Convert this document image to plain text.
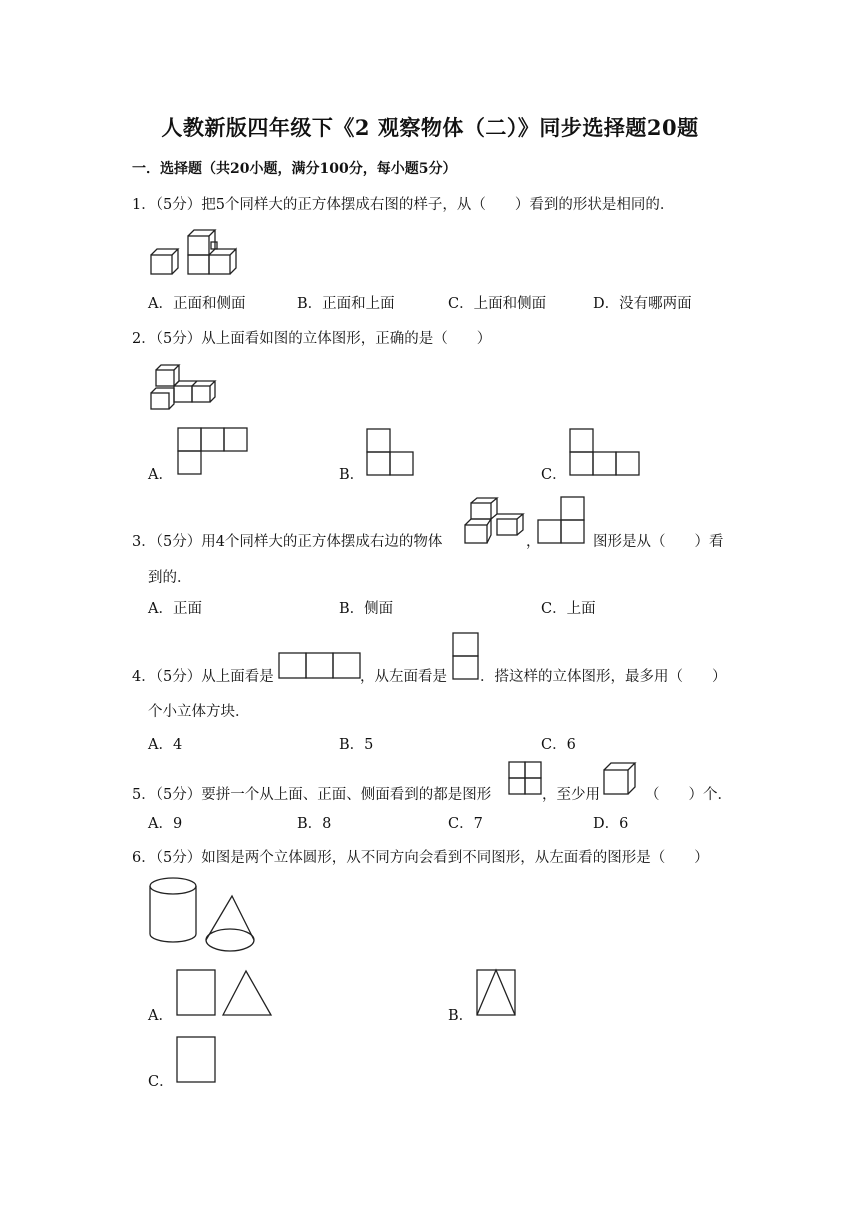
人教新版四年级下《2 观察物体（二）》同步选择题20题
一．选择题（共20小题，满分100分，每小题5分）
1．（5分）把5个同样大的正方体摆成右图的样子，从（　　）看到的形状是相同的．
A．正面和侧面	B．正面和上面	C．上面和侧面	D．没有哪两面
2．（5分）从上面看如图的立体图形，正确的是（　　）
A．	B．	C．
3．（5分）用4个同样大的正方体摆成右边的物体	，	图形是从（　　）看
到的．
A．正面	B．侧面	C．上面
4．（5分）从上面看是	，从左面看是 ．搭这样的立体图形，最多用（　　）
个小立体方块．
A．4	B．5	C．6
5．（5分）要拼一个从上面、正面、侧面看到的都是图形	，至少用	（　　）个．
A．9	B．8	C．7	D．6
6．（5分）如图是两个立体圆形，从不同方向会看到不同图形，从左面看的图形是（　　）
A．	B．
C．
